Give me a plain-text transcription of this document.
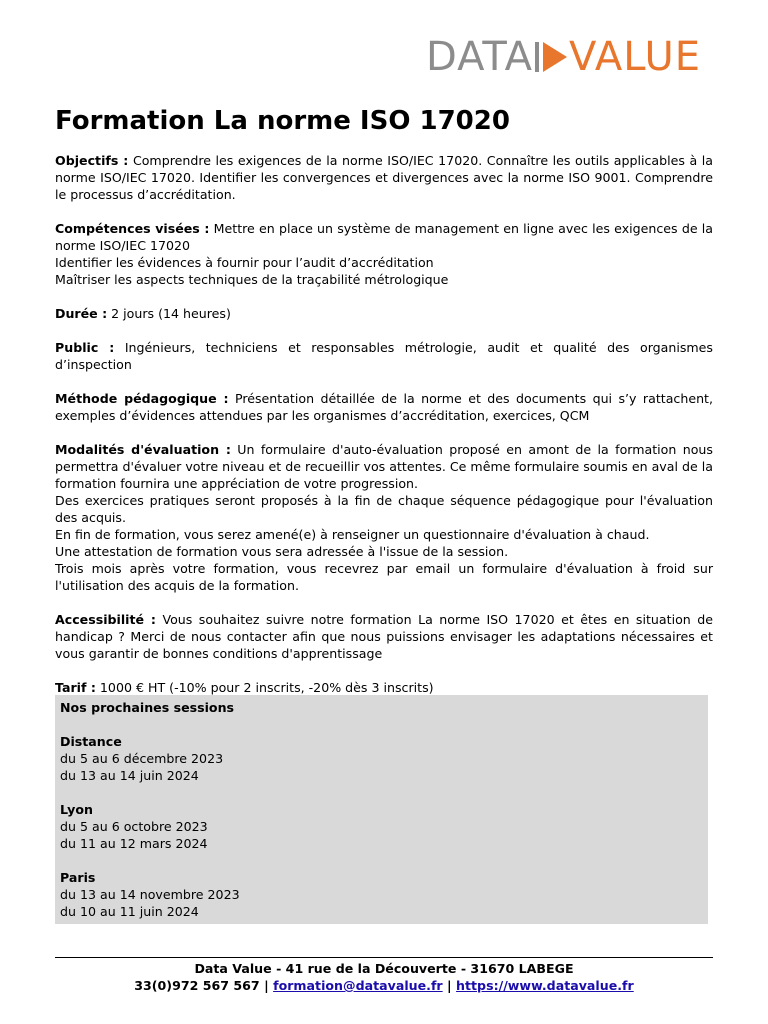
DATA VALUE
Formation La norme ISO 17020

Objectifs : Comprendre les exigences de la norme ISO/IEC 17020. Connaître les outils applicables à la norme ISO/IEC 17020. Identifier les convergences et divergences avec la norme ISO 9001. Comprendre le processus d’accréditation.

Compétences visées : Mettre en place un système de management en ligne avec les exigences de la norme ISO/IEC 17020
Identifier les évidences à fournir pour l’audit d’accréditation
Maîtriser les aspects techniques de la traçabilité métrologique

Durée : 2 jours (14 heures)

Public : Ingénieurs, techniciens et responsables métrologie, audit et qualité des organismes d’inspection

Méthode pédagogique : Présentation détaillée de la norme et des documents qui s’y rattachent, exemples d’évidences attendues par les organismes d’accréditation, exercices, QCM

Modalités d'évaluation : Un formulaire d'auto-évaluation proposé en amont de la formation nous permettra d'évaluer votre niveau et de recueillir vos attentes. Ce même formulaire soumis en aval de la formation fournira une appréciation de votre progression.
Des exercices pratiques seront proposés à la fin de chaque séquence pédagogique pour l'évaluation des acquis.
En fin de formation, vous serez amené(e) à renseigner un questionnaire d'évaluation à chaud.
Une attestation de formation vous sera adressée à l'issue de la session.
Trois mois après votre formation, vous recevrez par email un formulaire d'évaluation à froid sur l'utilisation des acquis de la formation.

Accessibilité : Vous souhaitez suivre notre formation La norme ISO 17020 et êtes en situation de handicap ? Merci de nous contacter afin que nous puissions envisager les adaptations nécessaires et vous garantir de bonnes conditions d'apprentissage

Tarif : 1000 € HT (-10% pour 2 inscrits, -20% dès 3 inscrits)

Nos prochaines sessions
Distance
du 5 au 6 décembre 2023
du 13 au 14 juin 2024
Lyon
du 5 au 6 octobre 2023
du 11 au 12 mars 2024
Paris
du 13 au 14 novembre 2023
du 10 au 11 juin 2024
Data Value - 41 rue de la Découverte - 31670 LABEGE
33(0)972 567 567 | formation@datavalue.fr | https://www.datavalue.fr
